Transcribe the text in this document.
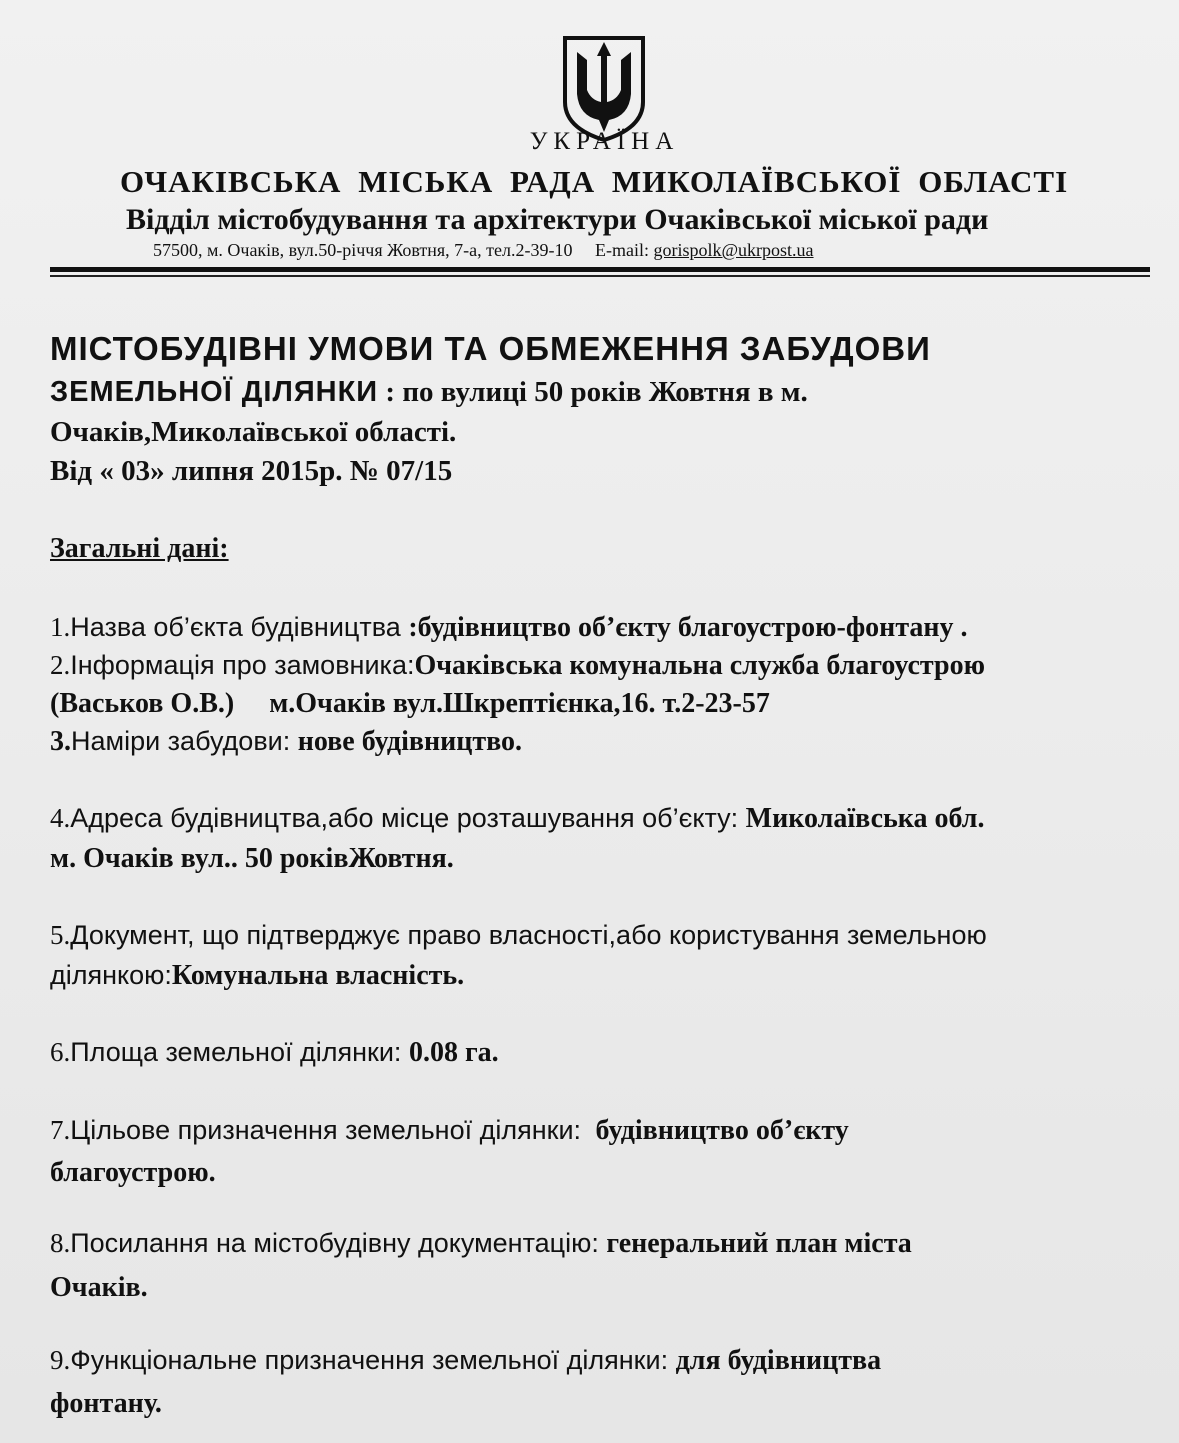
УКРАЇНА
ОЧАКІВСЬКА МІСЬКА РАДА МИКОЛАЇВСЬКОЇ ОБЛАСТІ
Відділ містобудування та архітектури Очаківської міської ради
57500, м. Очаків, вул.50-річчя Жовтня, 7-а, тел.2-39-10 E-mail: gorispolk@ukrpost.ua
МІСТОБУДІВНІ УМОВИ ТА ОБМЕЖЕННЯ ЗАБУДОВИ
ЗЕМЕЛЬНОЇ ДІЛЯНКИ : по вулиці 50 років Жовтня в м.
Очаків,Миколаївської області.
Від « 03» липня 2015р. № 07/15
Загальні дані:
1.Назва об’єкта будівництва :будівництво об’єкту благоустрою-фонтану .
2.Інформація про замовника:Очаківська комунальна служба благоустрою
(Васьков О.В.)     м.Очаків вул.Шкрептієнка,16. т.2-23-57
3.Наміри забудови: нове будівництво.
4.Адреса будівництва,або місце розташування об’єкту: Миколаївська обл.
м. Очаків вул.. 50 роківЖовтня.
5.Документ, що підтверджує право власності,або користування земельною
ділянкою:Комунальна власність.
6.Площа земельної ділянки: 0.08 га.
7.Цільове призначення земельної ділянки:  будівництво об’єкту
благоустрою.
8.Посилання на містобудівну документацію: генеральний план міста
Очаків.
9.Функціональне призначення земельної ділянки: для будівництва
фонтану.
